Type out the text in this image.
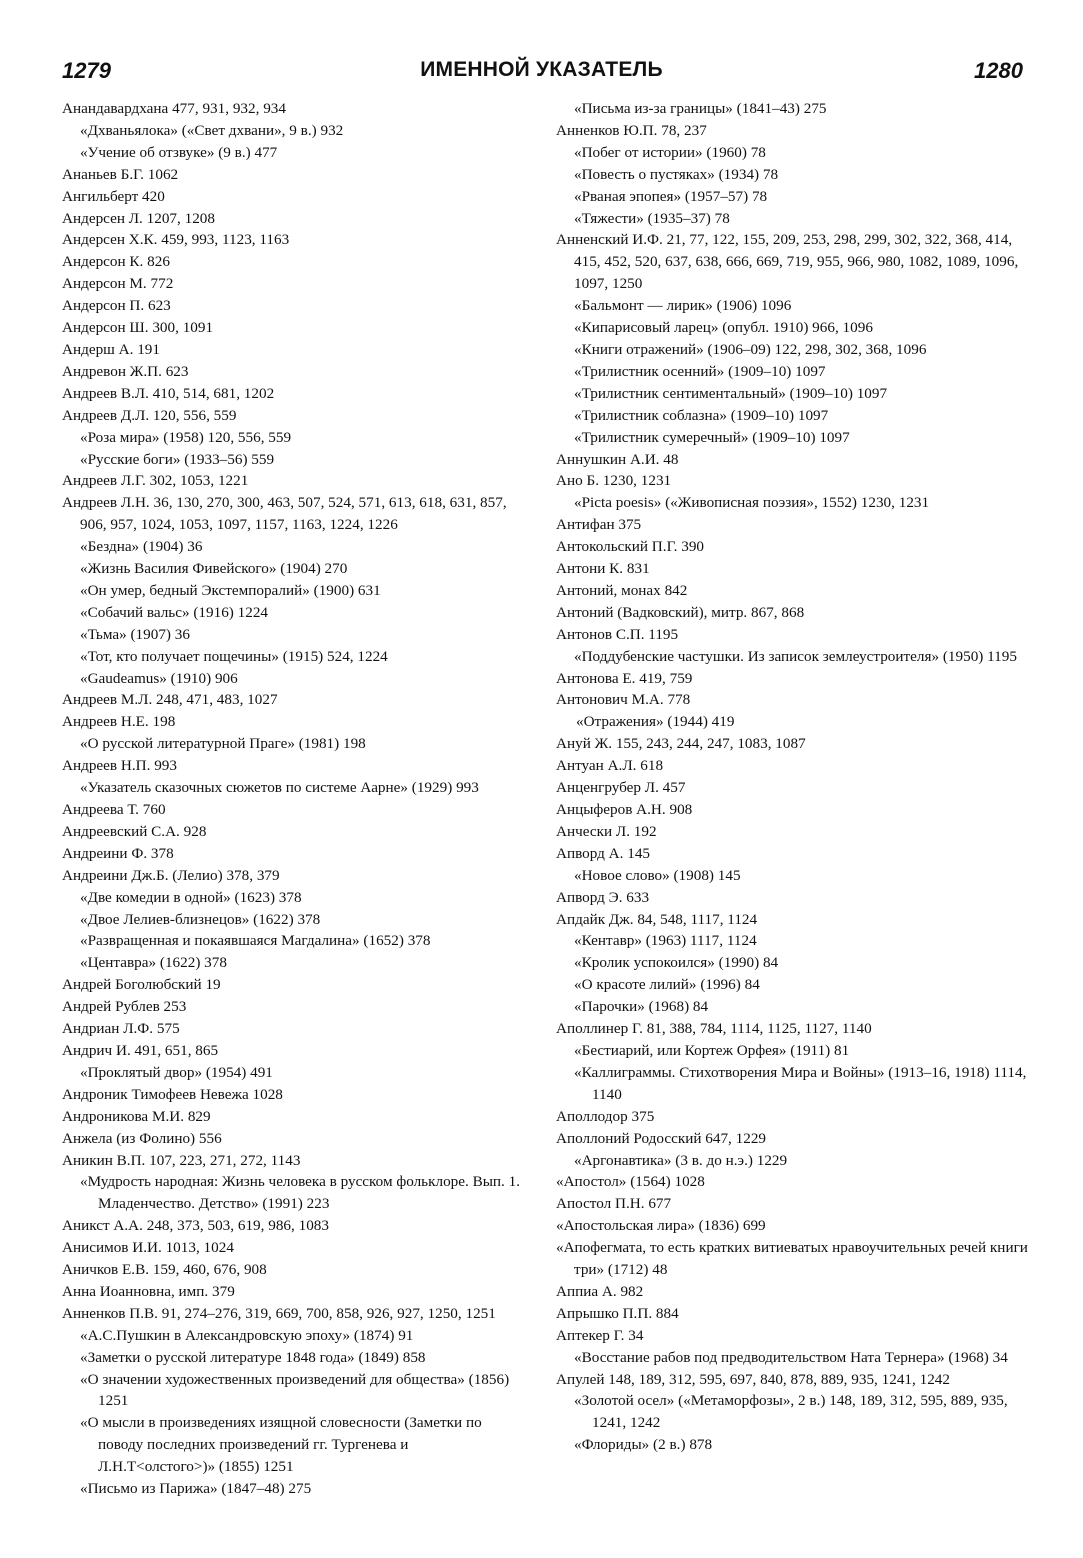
1279	ИМЕННОЙ УКАЗАТЕЛЬ	1280
Анандавардхана 477, 931, 932, 934
«Дхваньялока» («Свет дхвани», 9 в.) 932
«Учение об отзвуке» (9 в.) 477
Ананьев Б.Г. 1062
Ангильберт 420
Андерсен Л. 1207, 1208
Андерсен Х.К. 459, 993, 1123, 1163
Андерсон К. 826
Андерсон М. 772
Андерсон П. 623
Андерсон Ш. 300, 1091
Андерш А. 191
Андревон Ж.П. 623
Андреев В.Л. 410, 514, 681, 1202
Андреев Д.Л. 120, 556, 559
«Роза мира» (1958) 120, 556, 559
«Русские боги» (1933–56) 559
Андреев Л.Г. 302, 1053, 1221
Андреев Л.Н. 36, 130, 270, 300, 463, 507, 524, 571, 613, 618, 631, 857, 906, 957, 1024, 1053, 1097, 1157, 1163, 1224, 1226
«Бездна» (1904) 36
«Жизнь Василия Фивейского» (1904) 270
«Он умер, бедный Экстемпоралий» (1900) 631
«Собачий вальс» (1916) 1224
«Тьма» (1907) 36
«Тот, кто получает пощечины» (1915) 524, 1224
«Gaudeamus» (1910) 906
Андреев М.Л. 248, 471, 483, 1027
Андреев Н.Е. 198
«О русской литературной Праге» (1981) 198
Андреев Н.П. 993
«Указатель сказочных сюжетов по системе Аарне» (1929) 993
Андреева Т. 760
Андреевский С.А. 928
Андреини Ф. 378
Андреини Дж.Б. (Лелио) 378, 379
«Две комедии в одной» (1623) 378
«Двое Лелиев-близнецов» (1622) 378
«Развращенная и покаявшаяся Магдалина» (1652) 378
«Центавра» (1622) 378
Андрей Боголюбский 19
Андрей Рублев 253
Андриан Л.Ф. 575
Андрич И. 491, 651, 865
«Проклятый двор» (1954) 491
Андроник Тимофеев Невежа 1028
Андроникова М.И. 829
Анжела (из Фолино) 556
Аникин В.П. 107, 223, 271, 272, 1143
«Мудрость народная: Жизнь человека в русском фольклоре. Вып. 1. Младенчество. Детство» (1991) 223
Аникст А.А. 248, 373, 503, 619, 986, 1083
Анисимов И.И. 1013, 1024
Аничков Е.В. 159, 460, 676, 908
Анна Иоанновна, имп. 379
Анненков П.В. 91, 274–276, 319, 669, 700, 858, 926, 927, 1250, 1251
«А.С.Пушкин в Александровскую эпоху» (1874) 91
«Заметки о русской литературе 1848 года» (1849) 858
«О значении художественных произведений для общества» (1856) 1251
«О мысли в произведениях изящной словесности (Заметки по поводу последних произведений гг. Тургенева и Л.Н.Т<олстого>)» (1855) 1251
«Письмо из Парижа» (1847–48) 275
«Письма из-за границы» (1841–43) 275
Анненков Ю.П. 78, 237
«Побег от истории» (1960) 78
«Повесть о пустяках» (1934) 78
«Рваная эпопея» (1957–57) 78
«Тяжести» (1935–37) 78
Анненский И.Ф. 21, 77, 122, 155, 209, 253, 298, 299, 302, 322, 368, 414, 415, 452, 520, 637, 638, 666, 669, 719, 955, 966, 980, 1082, 1089, 1096, 1097, 1250
«Бальмонт — лирик» (1906) 1096
«Кипарисовый ларец» (опубл. 1910) 966, 1096
«Книги отражений» (1906–09) 122, 298, 302, 368, 1096
«Трилистник осенний» (1909–10) 1097
«Трилистник сентиментальный» (1909–10) 1097
«Трилистник соблазна» (1909–10) 1097
«Трилистник сумеречный» (1909–10) 1097
Аннушкин А.И. 48
Ано Б. 1230, 1231
«Picta poesis» («Живописная поэзия», 1552) 1230, 1231
Антифан 375
Антокольский П.Г. 390
Антони К. 831
Антоний, монах 842
Антоний (Вадковский), митр. 867, 868
Антонов С.П. 1195
«Поддубенские частушки. Из записок землеустроителя» (1950) 1195
Антонова Е. 419, 759
Антонович М.А. 778
«Отражения» (1944) 419
Ануй Ж. 155, 243, 244, 247, 1083, 1087
Антуан А.Л. 618
Анценгрубер Л. 457
Анцыферов А.Н. 908
Анчески Л. 192
Апворд А. 145
«Новое слово» (1908) 145
Апворд Э. 633
Апдайк Дж. 84, 548, 1117, 1124
«Кентавр» (1963) 1117, 1124
«Кролик успокоился» (1990) 84
«О красоте лилий» (1996) 84
«Парочки» (1968) 84
Аполлинер Г. 81, 388, 784, 1114, 1125, 1127, 1140
«Бестиарий, или Кортеж Орфея» (1911) 81
«Каллиграммы. Стихотворения Мира и Войны» (1913–16, 1918) 1114, 1140
Аполлодор 375
Аполлоний Родосский 647, 1229
«Аргонавтика» (3 в. до н.э.) 1229
«Апостол» (1564) 1028
Апостол П.Н. 677
«Апостольская лира» (1836) 699
«Апофегмата, то есть кратких витиеватых нравоучительных речей книги три» (1712) 48
Аппиа А. 982
Апрышко П.П. 884
Аптекер Г. 34
«Восстание рабов под предводительством Ната Тернера» (1968) 34
Апулей 148, 189, 312, 595, 697, 840, 878, 889, 935, 1241, 1242
«Золотой осел» («Метаморфозы», 2 в.) 148, 189, 312, 595, 889, 935, 1241, 1242
«Флориды» (2 в.) 878
